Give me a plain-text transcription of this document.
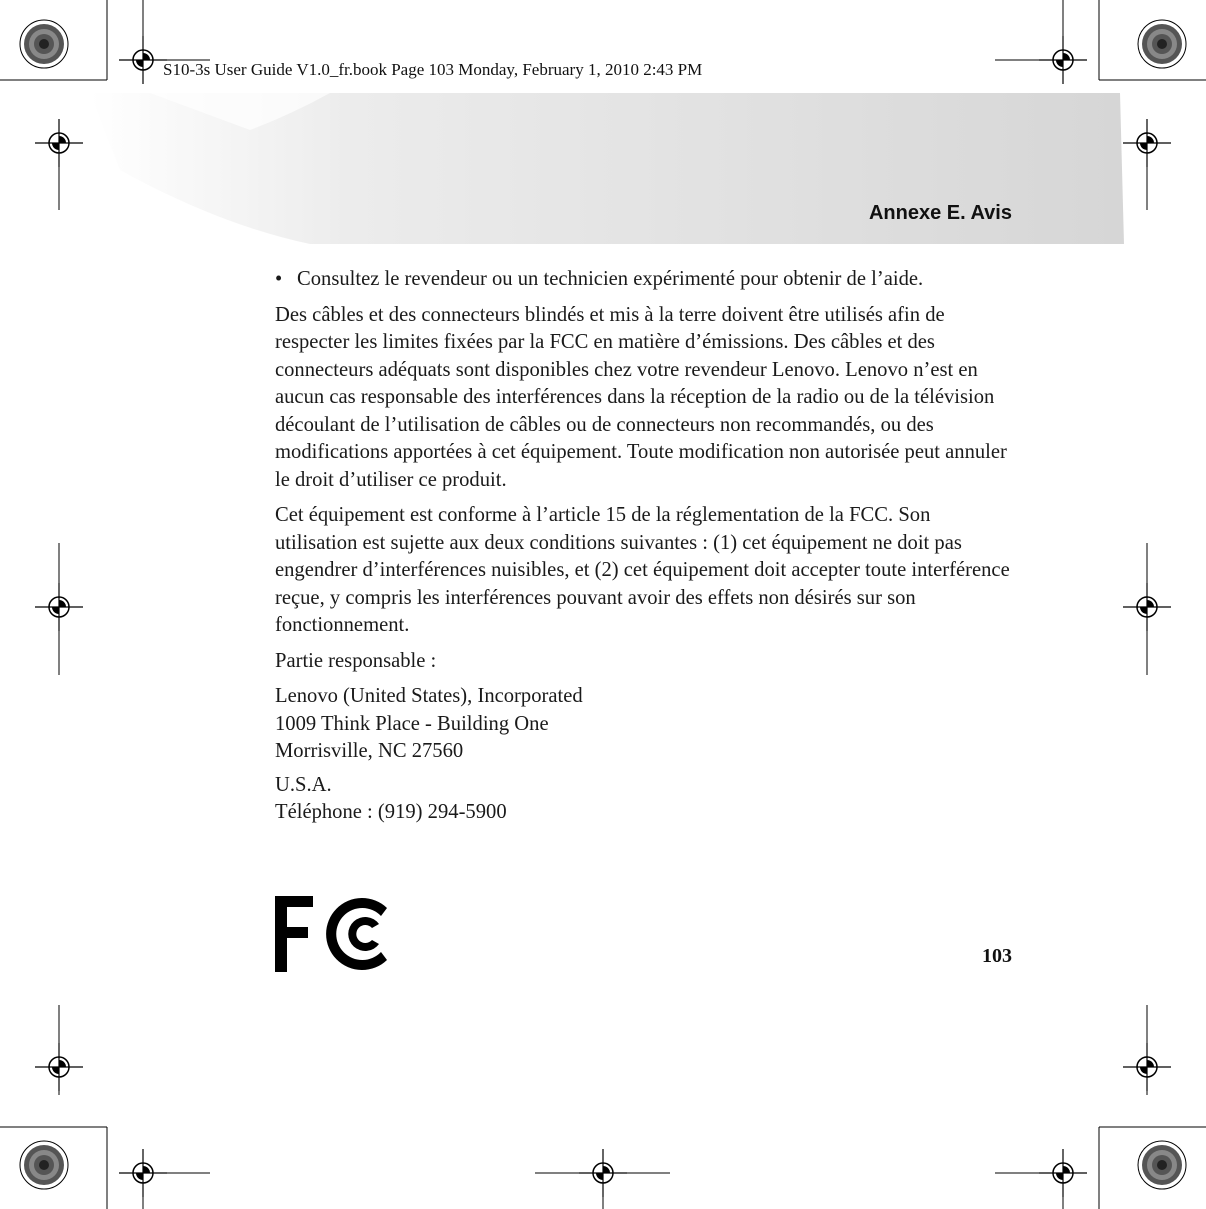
S10-3s User Guide V1.0_fr.book Page 103 Monday, February 1, 2010 2:43 PM
Annexe E. Avis
• Consultez le revendeur ou un technicien expérimenté pour obtenir de l’aide.

Des câbles et des connecteurs blindés et mis à la terre doivent être utilisés afin de respecter les limites fixées par la FCC en matière d’émissions. Des câbles et des connecteurs adéquats sont disponibles chez votre revendeur Lenovo. Lenovo n’est en aucun cas responsable des interférences dans la réception de la radio ou de la télévision découlant de l’utilisation de câbles ou de connecteurs non recommandés, ou des modifications apportées à cet équipement. Toute modification non autorisée peut annuler le droit d’utiliser ce produit.

Cet équipement est conforme à l’article 15 de la réglementation de la FCC. Son utilisation est sujette aux deux conditions suivantes : (1) cet équipement ne doit pas engendrer d’interférences nuisibles, et (2) cet équipement doit accepter toute interférence reçue, y compris les interférences pouvant avoir des effets non désirés sur son fonctionnement.

Partie responsable :

Lenovo (United States), Incorporated
1009 Think Place - Building One
Morrisville, NC 27560
U.S.A.
Téléphone : (919) 294-5900
103
